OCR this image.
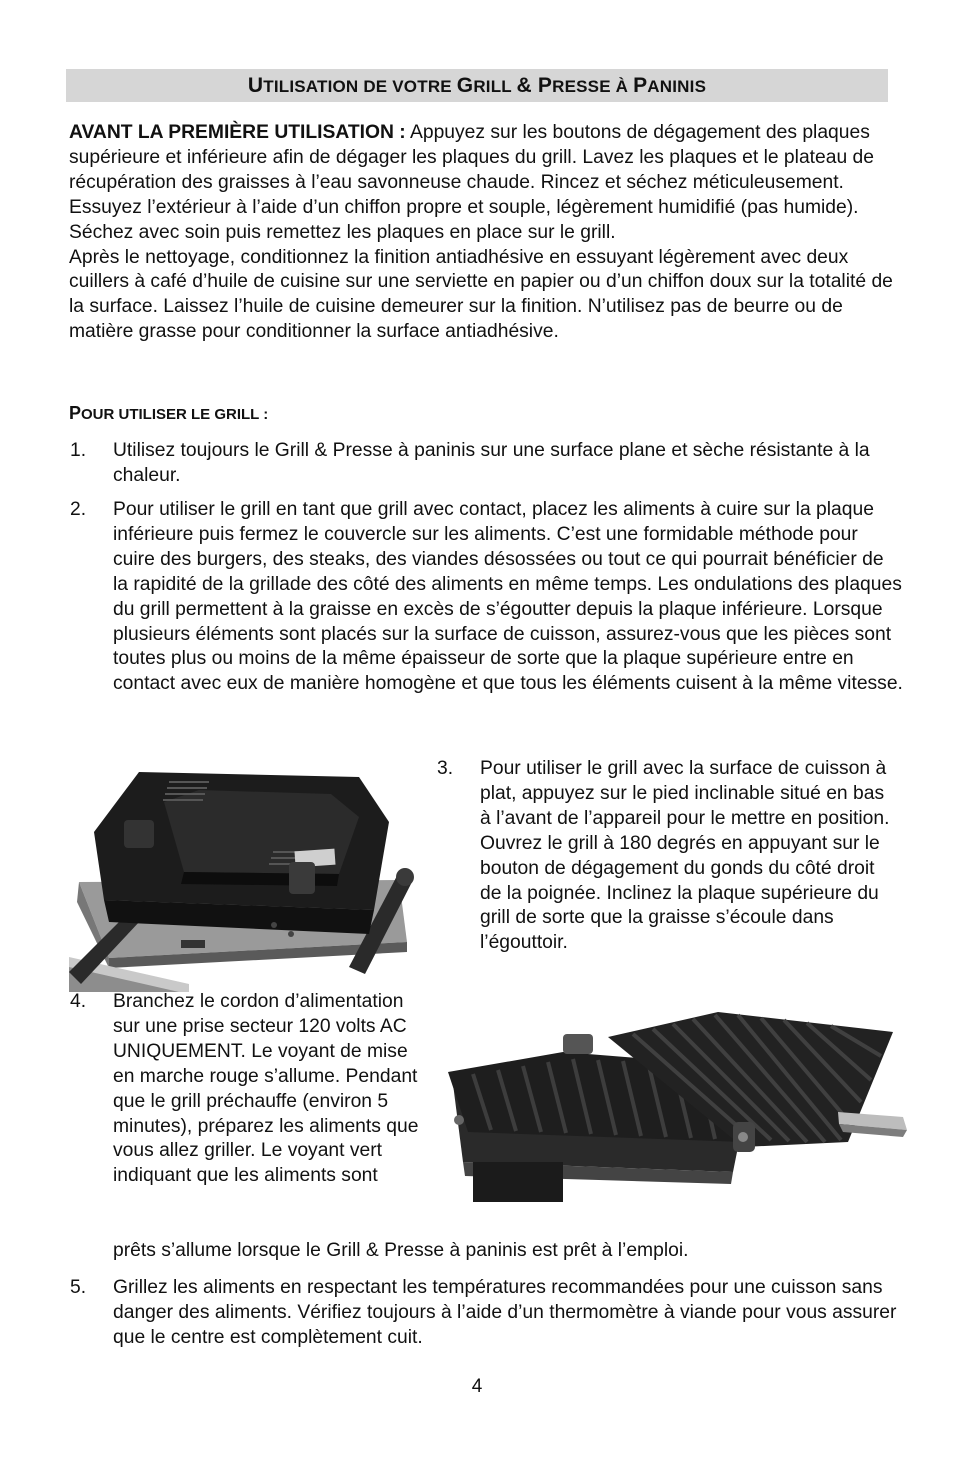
UTILISATION DE VOTRE GRILL & PRESSE À PANINIS
AVANT LA PREMIÈRE UTILISATION : Appuyez sur les boutons de dégagement des plaques supérieure et inférieure afin de dégager les plaques du grill. Lavez les plaques et le plateau de récupération des graisses à l’eau savonneuse chaude. Rincez et séchez méticuleusement. Essuyez l’extérieur à l’aide d’un chiffon propre et souple, légèrement humidifié (pas humide). Séchez avec soin puis remettez les plaques en place sur le grill.
Après le nettoyage, conditionnez la finition antiadhésive en essuyant légèrement avec deux cuillers à café d’huile de cuisine sur une serviette en papier ou d’un chiffon doux sur la totalité de la surface. Laissez l’huile de cuisine demeurer sur la finition. N’utilisez pas de beurre ou de matière grasse pour conditionner la surface antiadhésive.
POUR UTILISER LE GRILL :
1. Utilisez toujours le Grill & Presse à paninis sur une surface plane et sèche résistante à la chaleur.
2. Pour utiliser le grill en tant que grill avec contact, placez les aliments à cuire sur la plaque inférieure puis fermez le couvercle sur les aliments. C’est une formidable méthode pour cuire des burgers, des steaks, des viandes désossées ou tout ce qui pourrait bénéficier de la rapidité de la grillade des côté des aliments en même temps. Les ondulations des plaques du grill permettent à la graisse en excès de s’égoutter depuis la plaque inférieure. Lorsque plusieurs éléments sont placés sur la surface de cuisson, assurez-vous que les pièces sont toutes plus ou moins de la même épaisseur de sorte que la plaque supérieure entre en contact avec eux de manière homogène et que tous les éléments cuisent à la même vitesse.
3. Pour utiliser le grill avec la surface de cuisson à plat, appuyez sur le pied inclinable situé en bas à l’avant de l’appareil pour le mettre en position. Ouvrez le grill à 180 degrés en appuyant sur le bouton de dégagement du gonds du côté droit de la poignée. Inclinez la plaque supérieure du grill de sorte que la graisse s’écoule dans l’égouttoir.
4. Branchez le cordon d’alimentation sur une prise secteur 120 volts AC UNIQUEMENT. Le voyant de mise en marche rouge s’allume. Pendant que le grill préchauffe (environ 5 minutes), préparez les aliments que vous allez griller. Le voyant vert indiquant que les aliments sont
prêts s’allume lorsque le Grill & Presse à paninis est prêt à l’emploi.
5. Grillez les aliments en respectant les températures recommandées pour une cuisson sans danger des aliments. Vérifiez toujours à l’aide d’un thermomètre à viande pour vous assurer que le centre est complètement cuit.
4
